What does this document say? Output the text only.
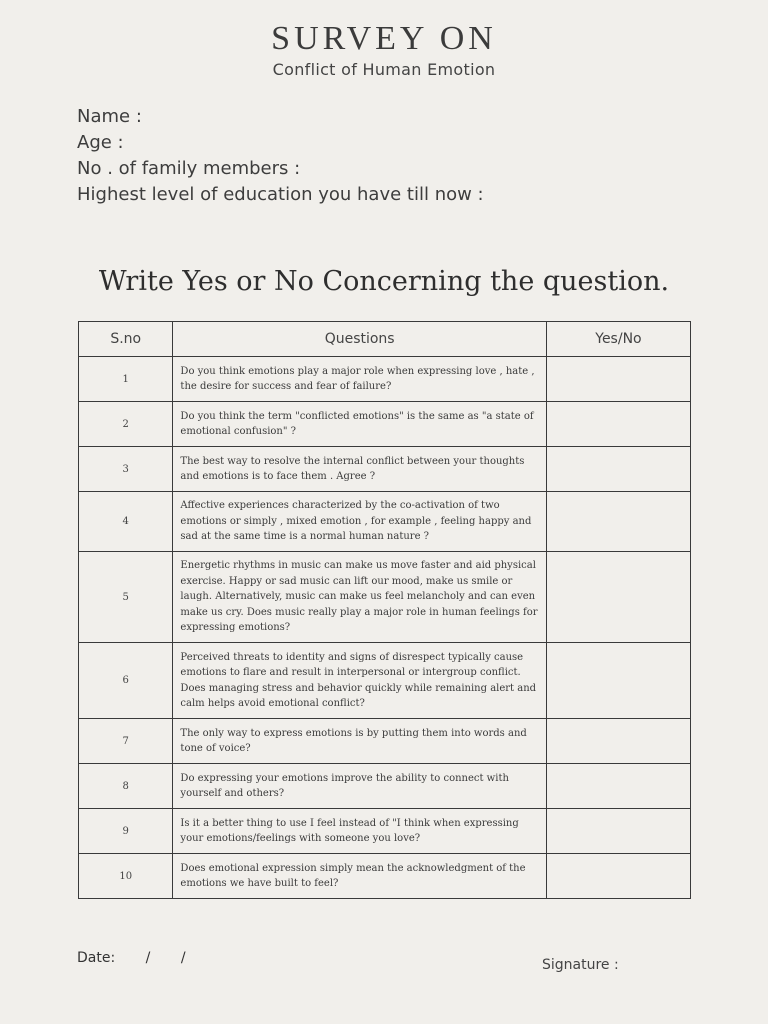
SURVEY ON
Conflict of Human Emotion
Name :
Age :
No . of family members :
Highest level of education you have till now :
Write Yes or No Concerning the question.
S.no	Questions	Yes/No
1	Do you think emotions play a major role when expressing love , hate , the desire for success and fear of failure?	
2	Do you think the term "conflicted emotions" is the same as "a state of emotional confusion" ?	
3	The best way to resolve the internal conflict between your thoughts and emotions is to face them . Agree ?	
4	Affective experiences characterized by the co-activation of two emotions or simply , mixed emotion , for example , feeling happy and sad at the same time is a normal human nature ?	
5	Energetic rhythms in music can make us move faster and aid physical exercise. Happy or sad music can lift our mood, make us smile or laugh. Alternatively, music can make us feel melancholy and can even make us cry. Does music really play a major role in human feelings for expressing emotions?	
6	Perceived threats to identity and signs of disrespect typically cause emotions to flare and result in interpersonal or intergroup conflict. Does managing stress and behavior quickly while remaining alert and calm helps avoid emotional conflict?	
7	The only way to express emotions is by putting them into words and tone of voice?	
8	Do expressing your emotions improve the ability to connect with yourself and others?	
9	Is it a better thing to use I feel instead of "I think when expressing your emotions/feelings with someone you love?	
10	Does emotional expression simply mean the acknowledgment of the emotions we have built to feel?	
Date: / /	Signature :
